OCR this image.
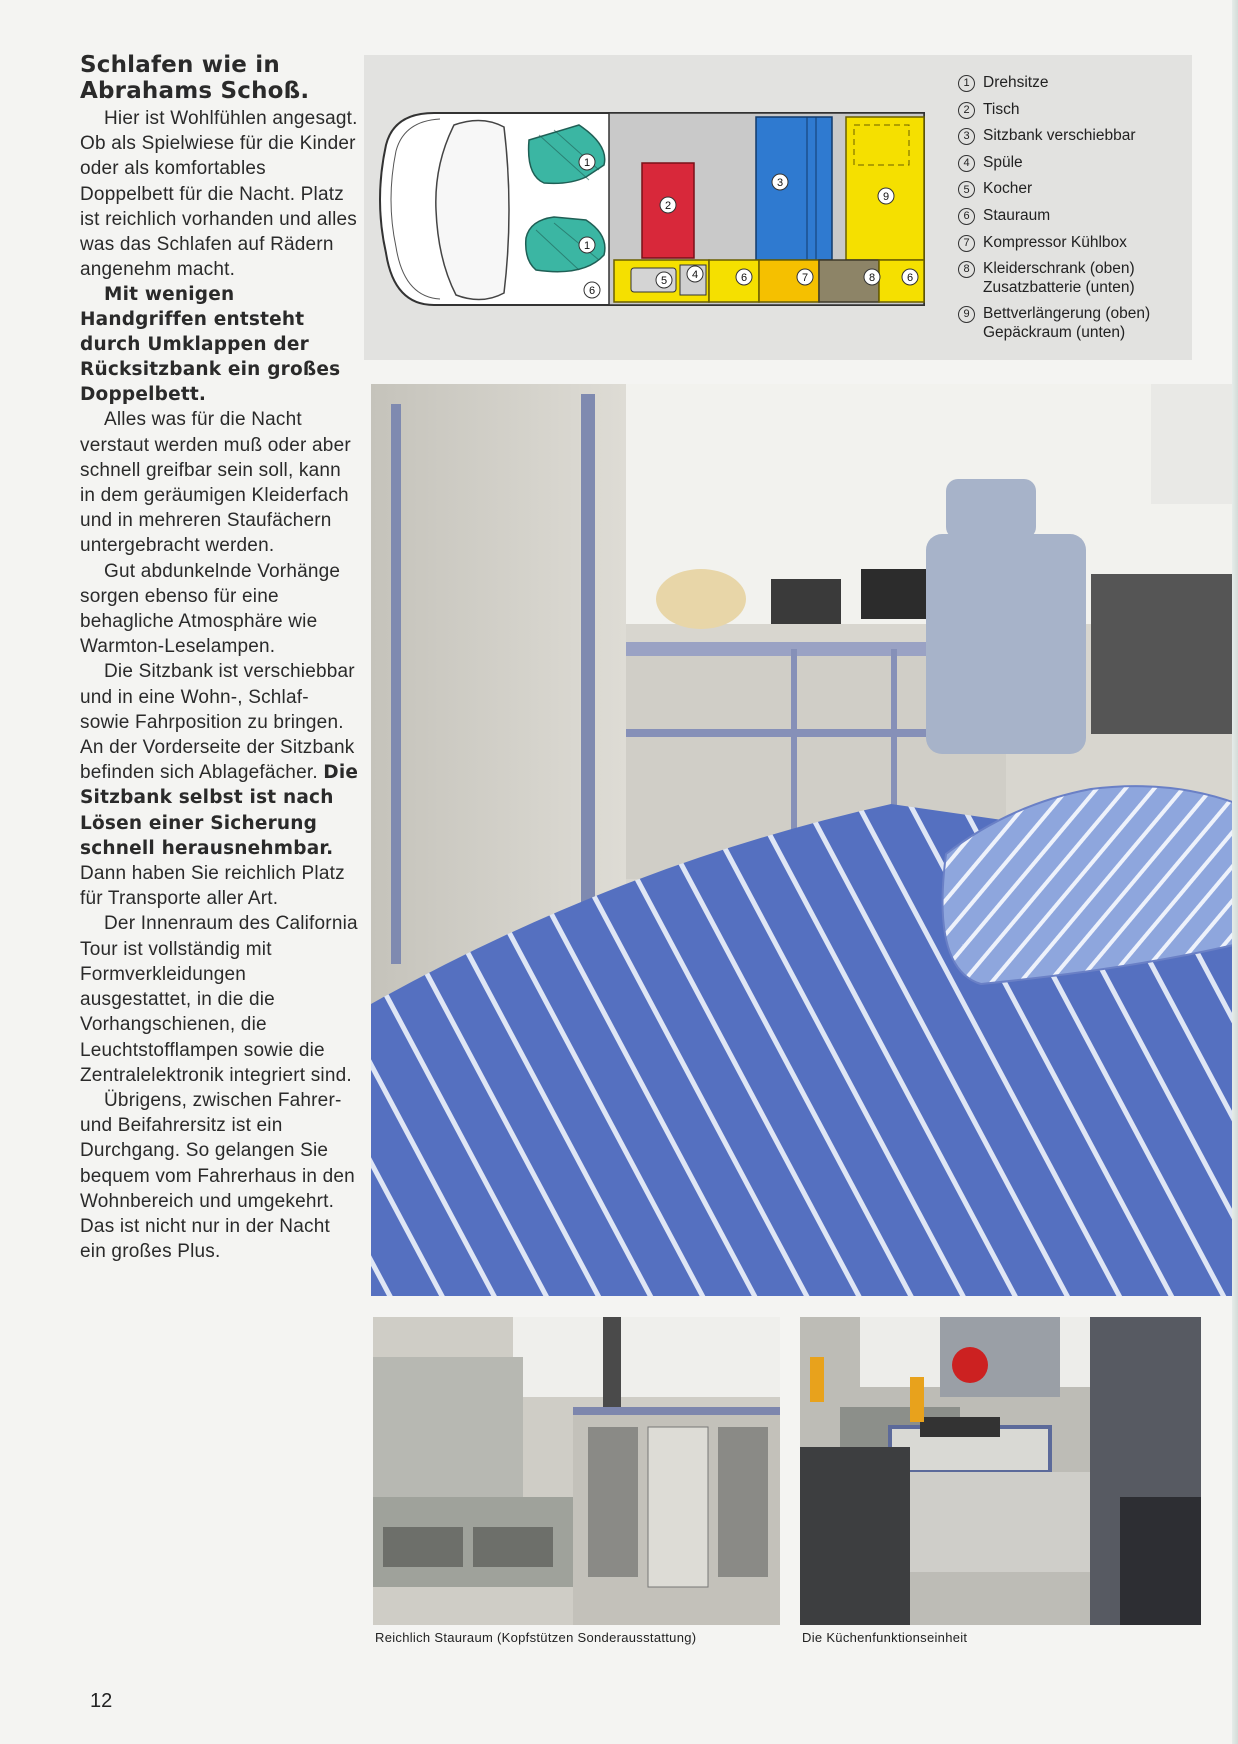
Schlafen wie in
Abrahams Schoß.

Hier ist Wohlfühlen angesagt. Ob als Spielwiese für die Kinder oder als komfortables Doppelbett für die Nacht. Platz ist reichlich vorhanden und alles was das Schlafen auf Rädern angenehm macht.

Mit wenigen Handgriffen entsteht durch Umklappen der Rücksitzbank ein großes Doppelbett.

Alles was für die Nacht verstaut werden muß oder aber schnell greifbar sein soll, kann in dem geräumigen Kleiderfach und in mehreren Staufächern untergebracht werden.

Gut abdunkelnde Vorhänge sorgen ebenso für eine behagliche Atmosphäre wie Warmton-Leselampen.

Die Sitzbank ist verschiebbar und in eine Wohn-, Schlaf- sowie Fahrposition zu bringen. An der Vorderseite der Sitzbank befinden sich Ablagefächer. Die Sitzbank selbst ist nach Lösen einer Sicherung schnell herausnehmbar. Dann haben Sie reichlich Platz für Transporte aller Art.

Der Innenraum des California Tour ist vollständig mit Formverkleidungen ausgestattet, in die die Vorhangschienen, die Leuchtstofflampen sowie die Zentralelektronik integriert sind.

Übrigens, zwischen Fahrer- und Beifahrersitz ist ein Durchgang. So gelangen Sie bequem vom Fahrerhaus in den Wohnbereich und umgekehrt. Das ist nicht nur in der Nacht ein großes Plus.

1
1
2
3
4
5
6
6	6
7	8
9
1 Drehsitze
2 Tisch
3 Sitzbank verschiebbar
4 Spüle
5 Kocher
6 Stauraum
7 Kompressor Kühlbox
8 Kleiderschrank (oben)
Zusatzbatterie (unten)
9 Bettverlängerung (oben)
Gepäckraum (unten)
Reichlich Stauraum (Kopfstützen Sonderausstattung)	Die Küchenfunktionseinheit
12
